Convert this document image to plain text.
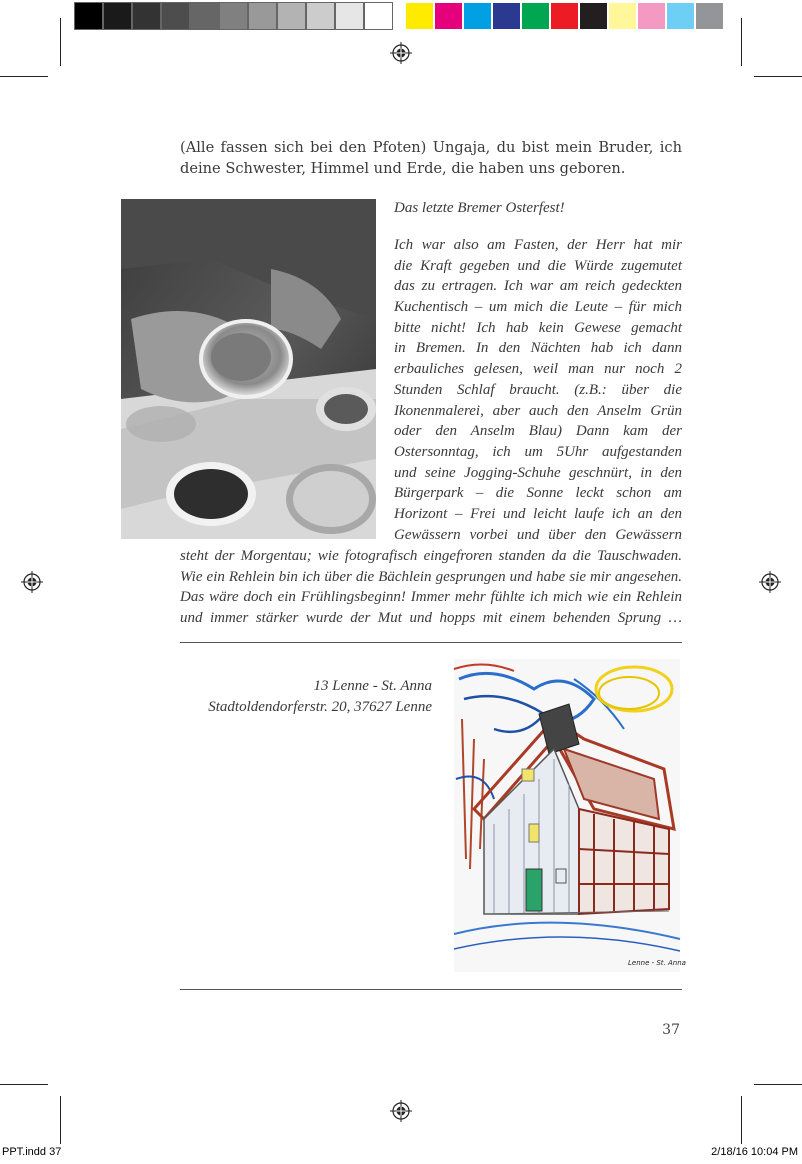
(Alle fassen sich bei den Pfoten) Ungaja, du bist mein Bruder, ich deine Schwester, Himmel und Erde, die haben uns geboren.
Das letzte Bremer Osterfest!
Ich war also am Fasten, der Herr hat mir
die Kraft gegeben und die Würde zugemutet
das zu ertragen. Ich war am reich gedeckten
Kuchentisch – um mich die Leute – für mich
bitte nicht! Ich hab kein Gewese gemacht
in Bremen. In den Nächten hab ich dann
erbauliches gelesen, weil man nur noch 2
Stunden Schlaf braucht. (z.B.: über die
Ikonenmalerei, aber auch den Anselm Grün
oder den Anselm Blau) Dann kam der
Ostersonntag, ich um 5Uhr aufgestanden
und seine Jogging-Schuhe geschnürt, in den
Bürgerpark – die Sonne leckt schon am
Horizont – Frei und leicht laufe ich an den
Gewässern vorbei und über den Gewässern
steht der Morgentau; wie fotografisch eingefroren standen da die Tauschwaden.
Wie ein Rehlein bin ich über die Bächlein gesprungen und habe sie mir angesehen.
Das wäre doch ein Frühlingsbeginn! Immer mehr fühlte ich mich wie ein Rehlein
und immer stärker wurde der Mut und hopps mit einem behenden Sprung …
13 Lenne - St. Anna
Stadtoldendorferstr. 20, 37627 Lenne
Lenne - St. Anna
37
PPT.indd 37	2/18/16 10:04 PM
